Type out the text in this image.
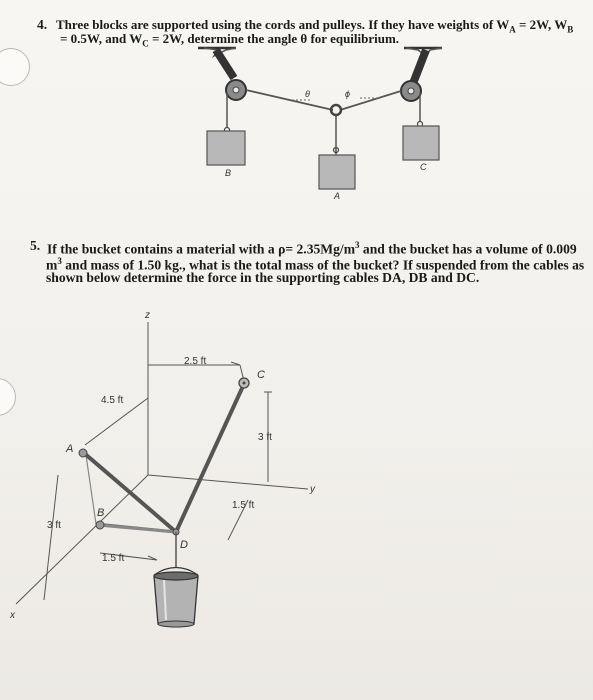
4. Three blocks are supported using the cords and pulleys. If they have weights of $W_A = 2W$, $W_B$
= 0.5W, and $W_C = 2W$, determine the angle θ for equilibrium.
5. If the bucket contains a material with a $\rho= 2.35Mg/m^3$ and the bucket has a volume of 0.009
$m^3$ and mass of 1.50 kg., what is the total mass of the bucket? If suspended from the cables as
shown below determine the force in the supporting cables DA, DB and DC.
θ	ϕ
B
C
A
z
y
x
2.5 ft
4.5 ft
3 ft
1.5 ft
3 ft
1.5 ft
A
B
C
D
